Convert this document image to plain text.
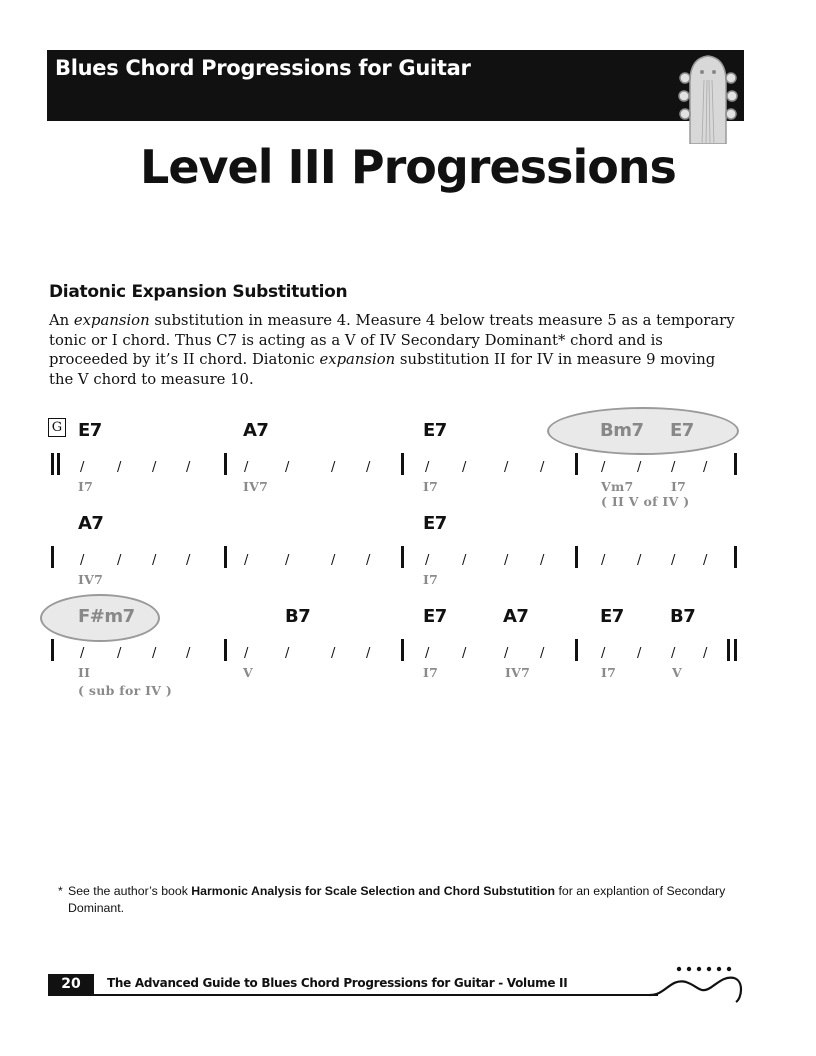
Blues Chord Progressions for Guitar
Level III Progressions
Diatonic Expansion Substitution

An expansion substitution in measure 4. Measure 4 below treats measure 5 as a temporary tonic or I chord. Thus C7 is acting as a V of IV Secondary Dominant* chord and is proceeded by it’s II chord. Diatonic expansion substitution II for IV in measure 9 moving the V chord to measure 10.

G E7	A7	E7	Bm7 E7
/	/ / /	/	/	/ /	/	/	/ /	/ / / /
I7	IV7	I7	Vm7	I7
( II V of IV )
A7	E7
/	/ / /	/	/	/ /	/	/	/ /	/ / / /
IV7	I7
F#m7	B7	E7	A7	E7	B7
/	/ / /	/	/	/ /	/	/	/ /	/ / / /
II	V	I7	IV7	I7	V
( sub for IV )
* See the author’s book Harmonic Analysis for Scale Selection and Chord Substutition for an explantion of Secondary Dominant.
20	The Advanced Guide to Blues Chord Progressions for Guitar - Volume II
